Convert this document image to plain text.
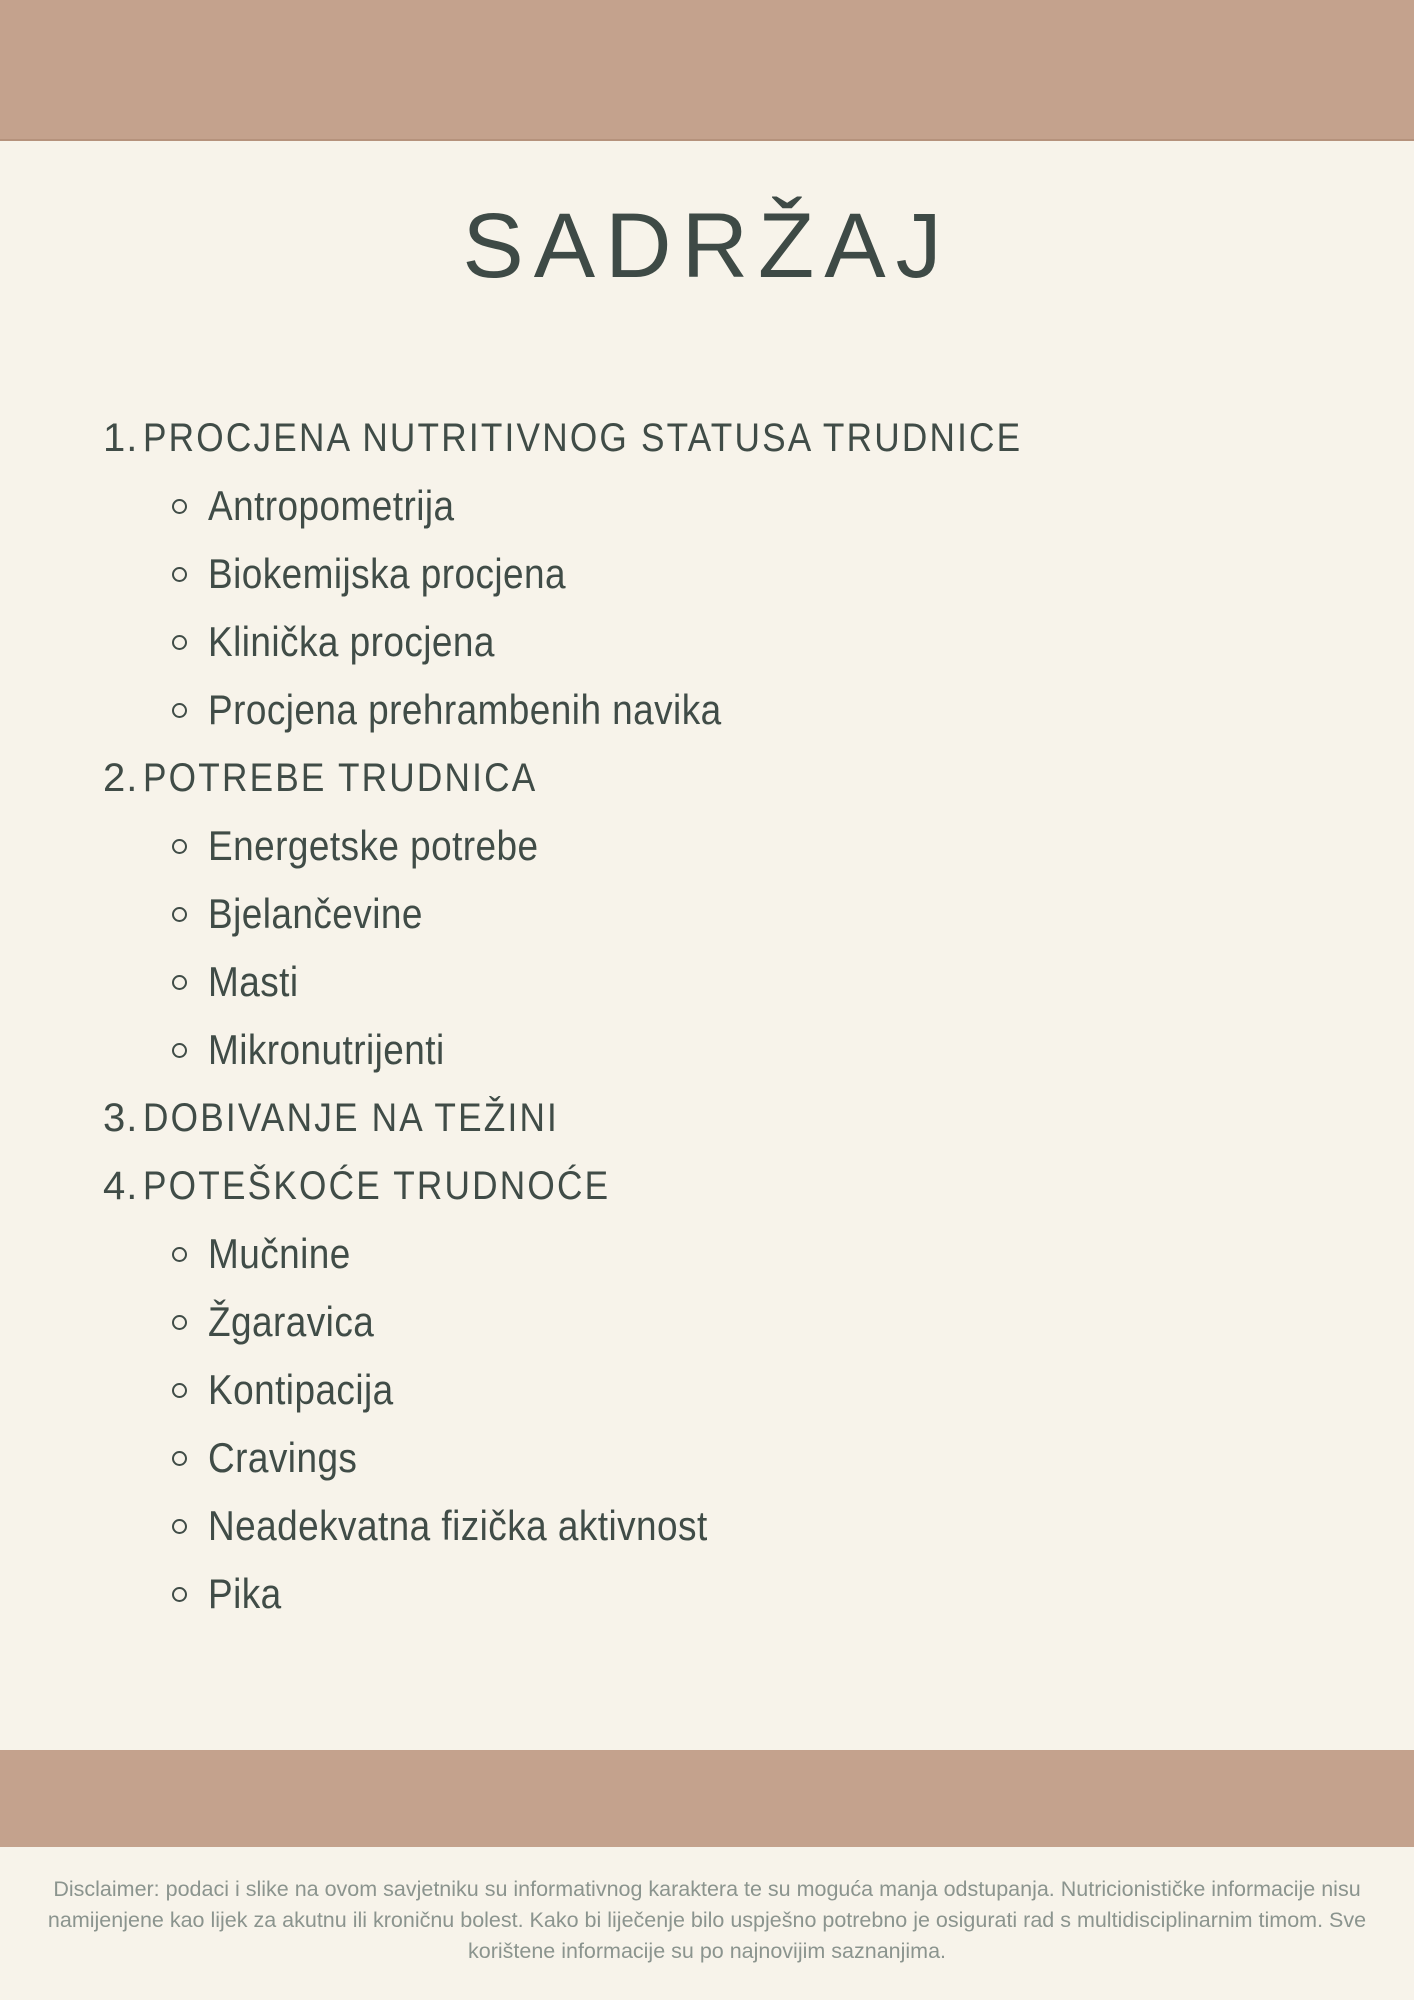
SADRŽAJ
1. PROCJENA NUTRITIVNOG STATUSA TRUDNICE
Antropometrija
Biokemijska procjena
Klinička procjena
Procjena prehrambenih navika
2. POTREBE TRUDNICA
Energetske potrebe
Bjelančevine
Masti
Mikronutrijenti
3. DOBIVANJE NA TEŽINI
4. POTEŠKOĆE TRUDNOĆE
Mučnine
Žgaravica
Kontipacija
Cravings
Neadekvatna fizička aktivnost
Pika

Disclaimer: podaci i slike na ovom savjetniku su informativnog karaktera te su moguća manja odstupanja. Nutricionističke informacije nisu namijenjene kao lijek za akutnu ili kroničnu bolest. Kako bi liječenje bilo uspješno potrebno je osigurati rad s multidisciplinarnim timom. Sve korištene informacije su po najnovijim saznanjima.
